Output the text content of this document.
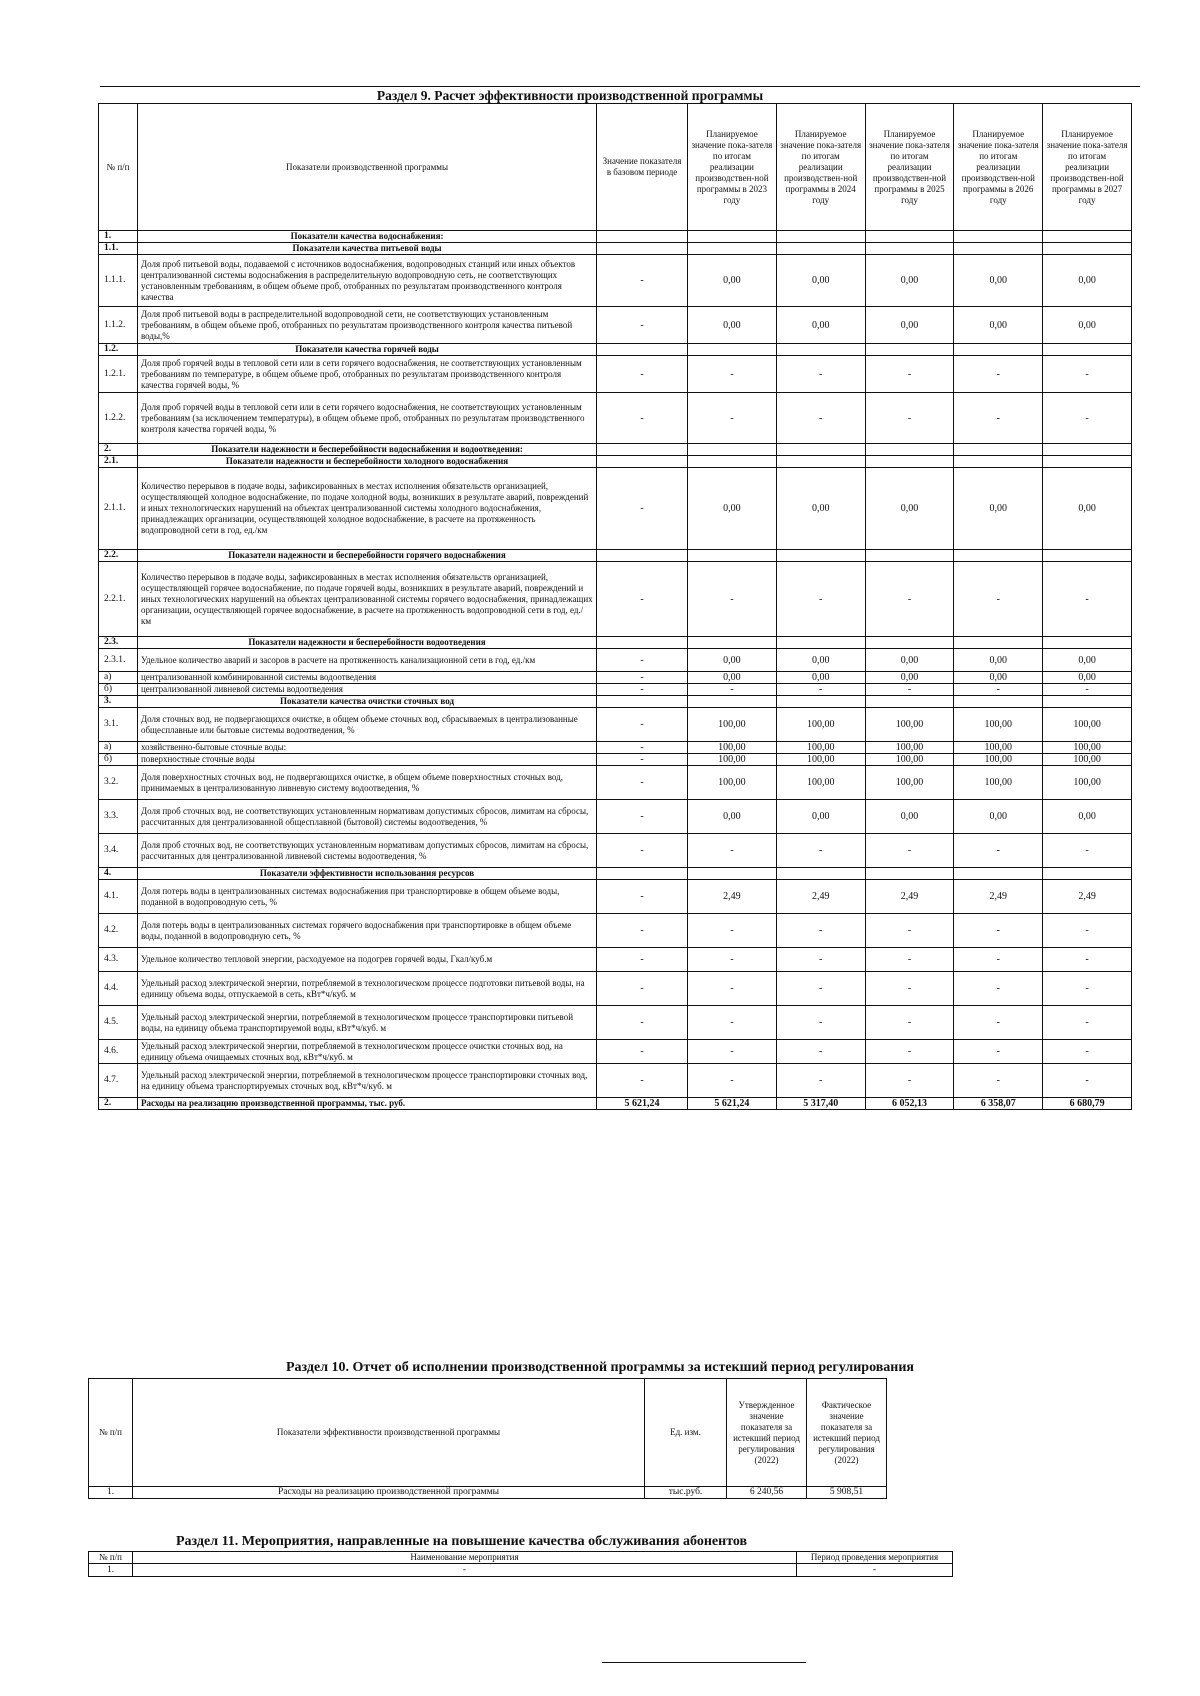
Раздел 9. Расчет эффективности производственной программы
№ п/п	Показатели производственной программы	Значение показателя в базовом периоде	Планируемое значение пока-зателя по итогам реализации производствен-ной программы в 2023 году	Планируемое значение пока-зателя по итогам реализации производствен-ной программы в 2024 году	Планируемое значение пока-зателя по итогам реализации производствен-ной программы в 2025 году	Планируемое значение пока-зателя по итогам реализации производствен-ной программы в 2026 году	Планируемое значение пока-зателя по итогам реализации производствен-ной программы в 2027 году
1.	Показатели качества водоснабжения:						
1.1.	Показатели качества питьевой воды						
1.1.1.	Доля проб питьевой воды, подаваемой с источников водоснабжения, водопроводных станций или иных объектов централизованной системы водоснабжения в распределительную водопроводную сеть, не соответствующих установленным требованиям, в общем объеме проб, отобранных по результатам производственного контроля качества	-	0,00	0,00	0,00	0,00	0,00
1.1.2.	Доля проб питьевой воды в распределительной водопроводной сети, не соответствующих установленным требованиям, в общем объеме проб, отобранных по результатам производственного контроля качества питьевой воды,%	-	0,00	0,00	0,00	0,00	0,00
1.2.	Показатели качества горячей воды						
1.2.1.	Доля проб горячей воды в тепловой сети или в сети горячего водоснабжения, не соответствующих установленным требованиям по температуре, в общем объеме проб, отобранных по результатам производственного контроля качества горячей воды, %	-	-	-	-	-	-
1.2.2.	Доля проб горячей воды в тепловой сети или в сети горячего водоснабжения, не соответствующих установленным требованиям (за исключением температуры), в общем объеме проб, отобранных по результатам производственного контроля качества горячей воды, %	-	-	-	-	-	-
2.	Показатели надежности и бесперебойности водоснабжения и водоотведения:						
2.1.	Показатели надежности и бесперебойности холодного водоснабжения						
2.1.1.	Количество перерывов в подаче воды, зафиксированных в местах исполнения обязательств организацией, осуществляющей холодное водоснабжение, по подаче холодной воды, возникших в результате аварий, повреждений и иных технологических нарушений на объектах централизованной системы холодного водоснабжения, принадлежащих организации, осуществляющей холодное водоснабжение, в расчете на протяженность водопроводной сети в год, ед./км	-	0,00	0,00	0,00	0,00	0,00
2.2.	Показатели надежности и бесперебойности горячего водоснабжения						
2.2.1.	Количество перерывов в подаче воды, зафиксированных в местах исполнения обязательств организацией, осуществляющей горячее водоснабжение, по подаче горячей воды, возникших в результате аварий, повреждений и иных технологических нарушений на объектах централизованной системы горячего водоснабжения, принадлежащих организации, осуществляющей горячее водоснабжение, в расчете на протяженность водопроводной сети в год, ед./км	-	-	-	-	-	-
2.3.	Показатели надежности и бесперебойности водоотведения						
2.3.1.	Удельное количество аварий и засоров в расчете на протяженность канализационной сети в год, ед./км	-	0,00	0,00	0,00	0,00	0,00
а)	централизованной комбинированной системы водоотведения	-	0,00	0,00	0,00	0,00	0,00
б)	централизованной ливневой системы водоотведения	-	-	-	-	-	-
3.	Показатели качества очистки сточных вод						
3.1.	Доля сточных вод, не подвергающихся очистке, в общем объеме сточных вод, сбрасываемых в централизованные общесплавные или бытовые системы водоотведения, %	-	100,00	100,00	100,00	100,00	100,00
а)	хозяйственно-бытовые сточные воды:	-	100,00	100,00	100,00	100,00	100,00
б)	поверхностные сточные воды	-	100,00	100,00	100,00	100,00	100,00
3.2.	Доля поверхностных сточных вод, не подвергающихся очистке, в общем объеме поверхностных сточных вод, принимаемых в централизованную ливневую систему водоотведения, %	-	100,00	100,00	100,00	100,00	100,00
3.3.	Доля проб сточных вод, не соответствующих установленным нормативам допустимых сбросов, лимитам на сбросы, рассчитанных для централизованной общесплавной (бытовой) системы водоотведения, %	-	0,00	0,00	0,00	0,00	0,00
3.4.	Доля проб сточных вод, не соответствующих установленным нормативам допустимых сбросов, лимитам на сбросы, рассчитанных для централизованной ливневой системы водоотведения, %	-	-	-	-	-	-
4.	Показатели эффективности использования ресурсов						
4.1.	Доля потерь воды в централизованных системах водоснабжения при транспортировке в общем объеме воды, поданной в водопроводную сеть, %	-	2,49	2,49	2,49	2,49	2,49
4.2.	Доля потерь воды в централизованных системах горячего водоснабжения при транспортировке в общем объеме воды, поданной в водопроводную сеть, %	-	-	-	-	-	-
4.3.	Удельное количество тепловой энергии, расходуемое на подогрев горячей воды, Гкал/куб.м	-	-	-	-	-	-
4.4.	Удельный расход электрической энергии, потребляемой в технологическом процессе подготовки питьевой воды, на единицу объема воды, отпускаемой в сеть, кВт*ч/куб. м	-	-	-	-	-	-
4.5.	Удельный расход электрической энергии, потребляемой в технологическом процессе транспортировки питьевой воды, на единицу объема транспортируемой воды, кВт*ч/куб. м	-	-	-	-	-	-
4.6.	Удельный расход электрической энергии, потребляемой в технологическом процессе очистки сточных вод, на единицу объема очищаемых сточных вод, кВт*ч/куб. м	-	-	-	-	-	-
4.7.	Удельный расход электрической энергии, потребляемой в технологическом процессе транспортировки сточных вод, на единицу объема транспортируемых сточных вод, кВт*ч/куб. м	-	-	-	-	-	-
2.	Расходы на реализацию производственной программы, тыс. руб.	5 621,24	5 621,24	5 317,40	6 052,13	6 358,07	6 680,79
Раздел 10. Отчет об исполнении производственной программы за истекший период регулирования
№ п/п	Показатели эффективности производственной программы	Ед. изм.	Утвержденное значение показателя за истекший период регулирования (2022)	Фактическое значение показателя за истекший период регулирования (2022)	
1.	Расходы на реализацию производственной программы	тыс.руб.	6 240,56	5 908,51	
Раздел 11. Мероприятия, направленные на повышение качества обслуживания абонентов
№ п/п	Наименование мероприятия	Период проведения мероприятия
1.	-	-
